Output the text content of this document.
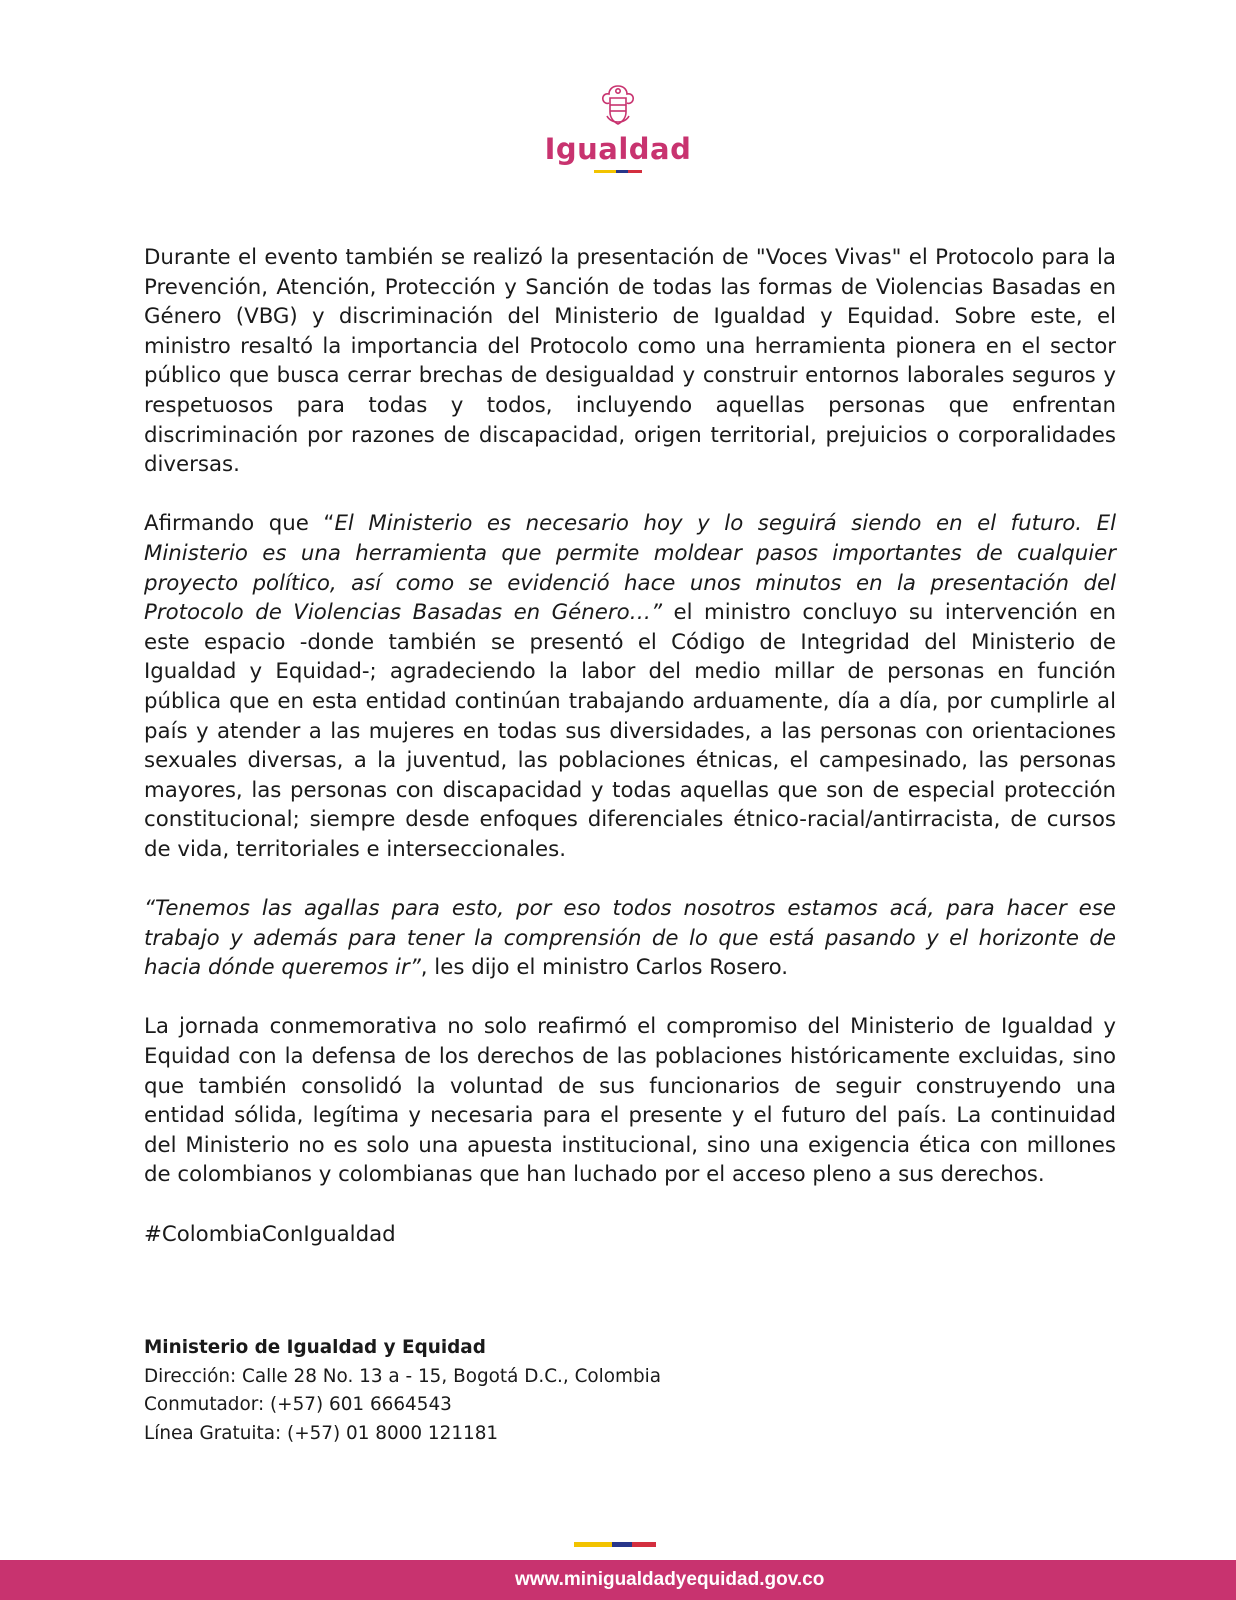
Igualdad

Durante el evento también se realizó la presentación de "Voces Vivas" el Protocolo para la Prevención, Atención, Protección y Sanción de todas las formas de Violencias Basadas en Género (VBG) y discriminación del Ministerio de Igualdad y Equidad. Sobre este, el ministro resaltó la importancia del Protocolo como una herramienta pionera en el sector público que busca cerrar brechas de desigualdad y construir entornos laborales seguros y respetuosos para todas y todos, incluyendo aquellas personas que enfrentan discriminación por razones de discapacidad, origen territorial, prejuicios o corporalidades diversas.

Afirmando que “El Ministerio es necesario hoy y lo seguirá siendo en el futuro. El Ministerio es una herramienta que permite moldear pasos importantes de cualquier proyecto político, así como se evidenció hace unos minutos en la presentación del Protocolo de Violencias Basadas en Género…” el ministro concluyo su intervención en este espacio -donde también se presentó el Código de Integridad del Ministerio de Igualdad y Equidad-; agradeciendo la labor del medio millar de personas en función pública que en esta entidad continúan trabajando arduamente, día a día, por cumplirle al país y atender a las mujeres en todas sus diversidades, a las personas con orientaciones sexuales diversas, a la juventud, las poblaciones étnicas, el campesinado, las personas mayores, las personas con discapacidad y todas aquellas que son de especial protección constitucional; siempre desde enfoques diferenciales étnico-racial/antirracista, de cursos de vida, territoriales e interseccionales.

“Tenemos las agallas para esto, por eso todos nosotros estamos acá, para hacer ese trabajo y además para tener la comprensión de lo que está pasando y el horizonte de hacia dónde queremos ir”, les dijo el ministro Carlos Rosero.

La jornada conmemorativa no solo reafirmó el compromiso del Ministerio de Igualdad y Equidad con la defensa de los derechos de las poblaciones históricamente excluidas, sino que también consolidó la voluntad de sus funcionarios de seguir construyendo una entidad sólida, legítima y necesaria para el presente y el futuro del país. La continuidad del Ministerio no es solo una apuesta institucional, sino una exigencia ética con millones de colombianos y colombianas que han luchado por el acceso pleno a sus derechos.

#ColombiaConIgualdad

Ministerio de Igualdad y Equidad
Dirección: Calle 28 No. 13 a - 15, Bogotá D.C., Colombia
Conmutador: (+57) 601 6664543
Línea Gratuita: (+57) 01 8000 121181
www.minigualdadyequidad.gov.co
